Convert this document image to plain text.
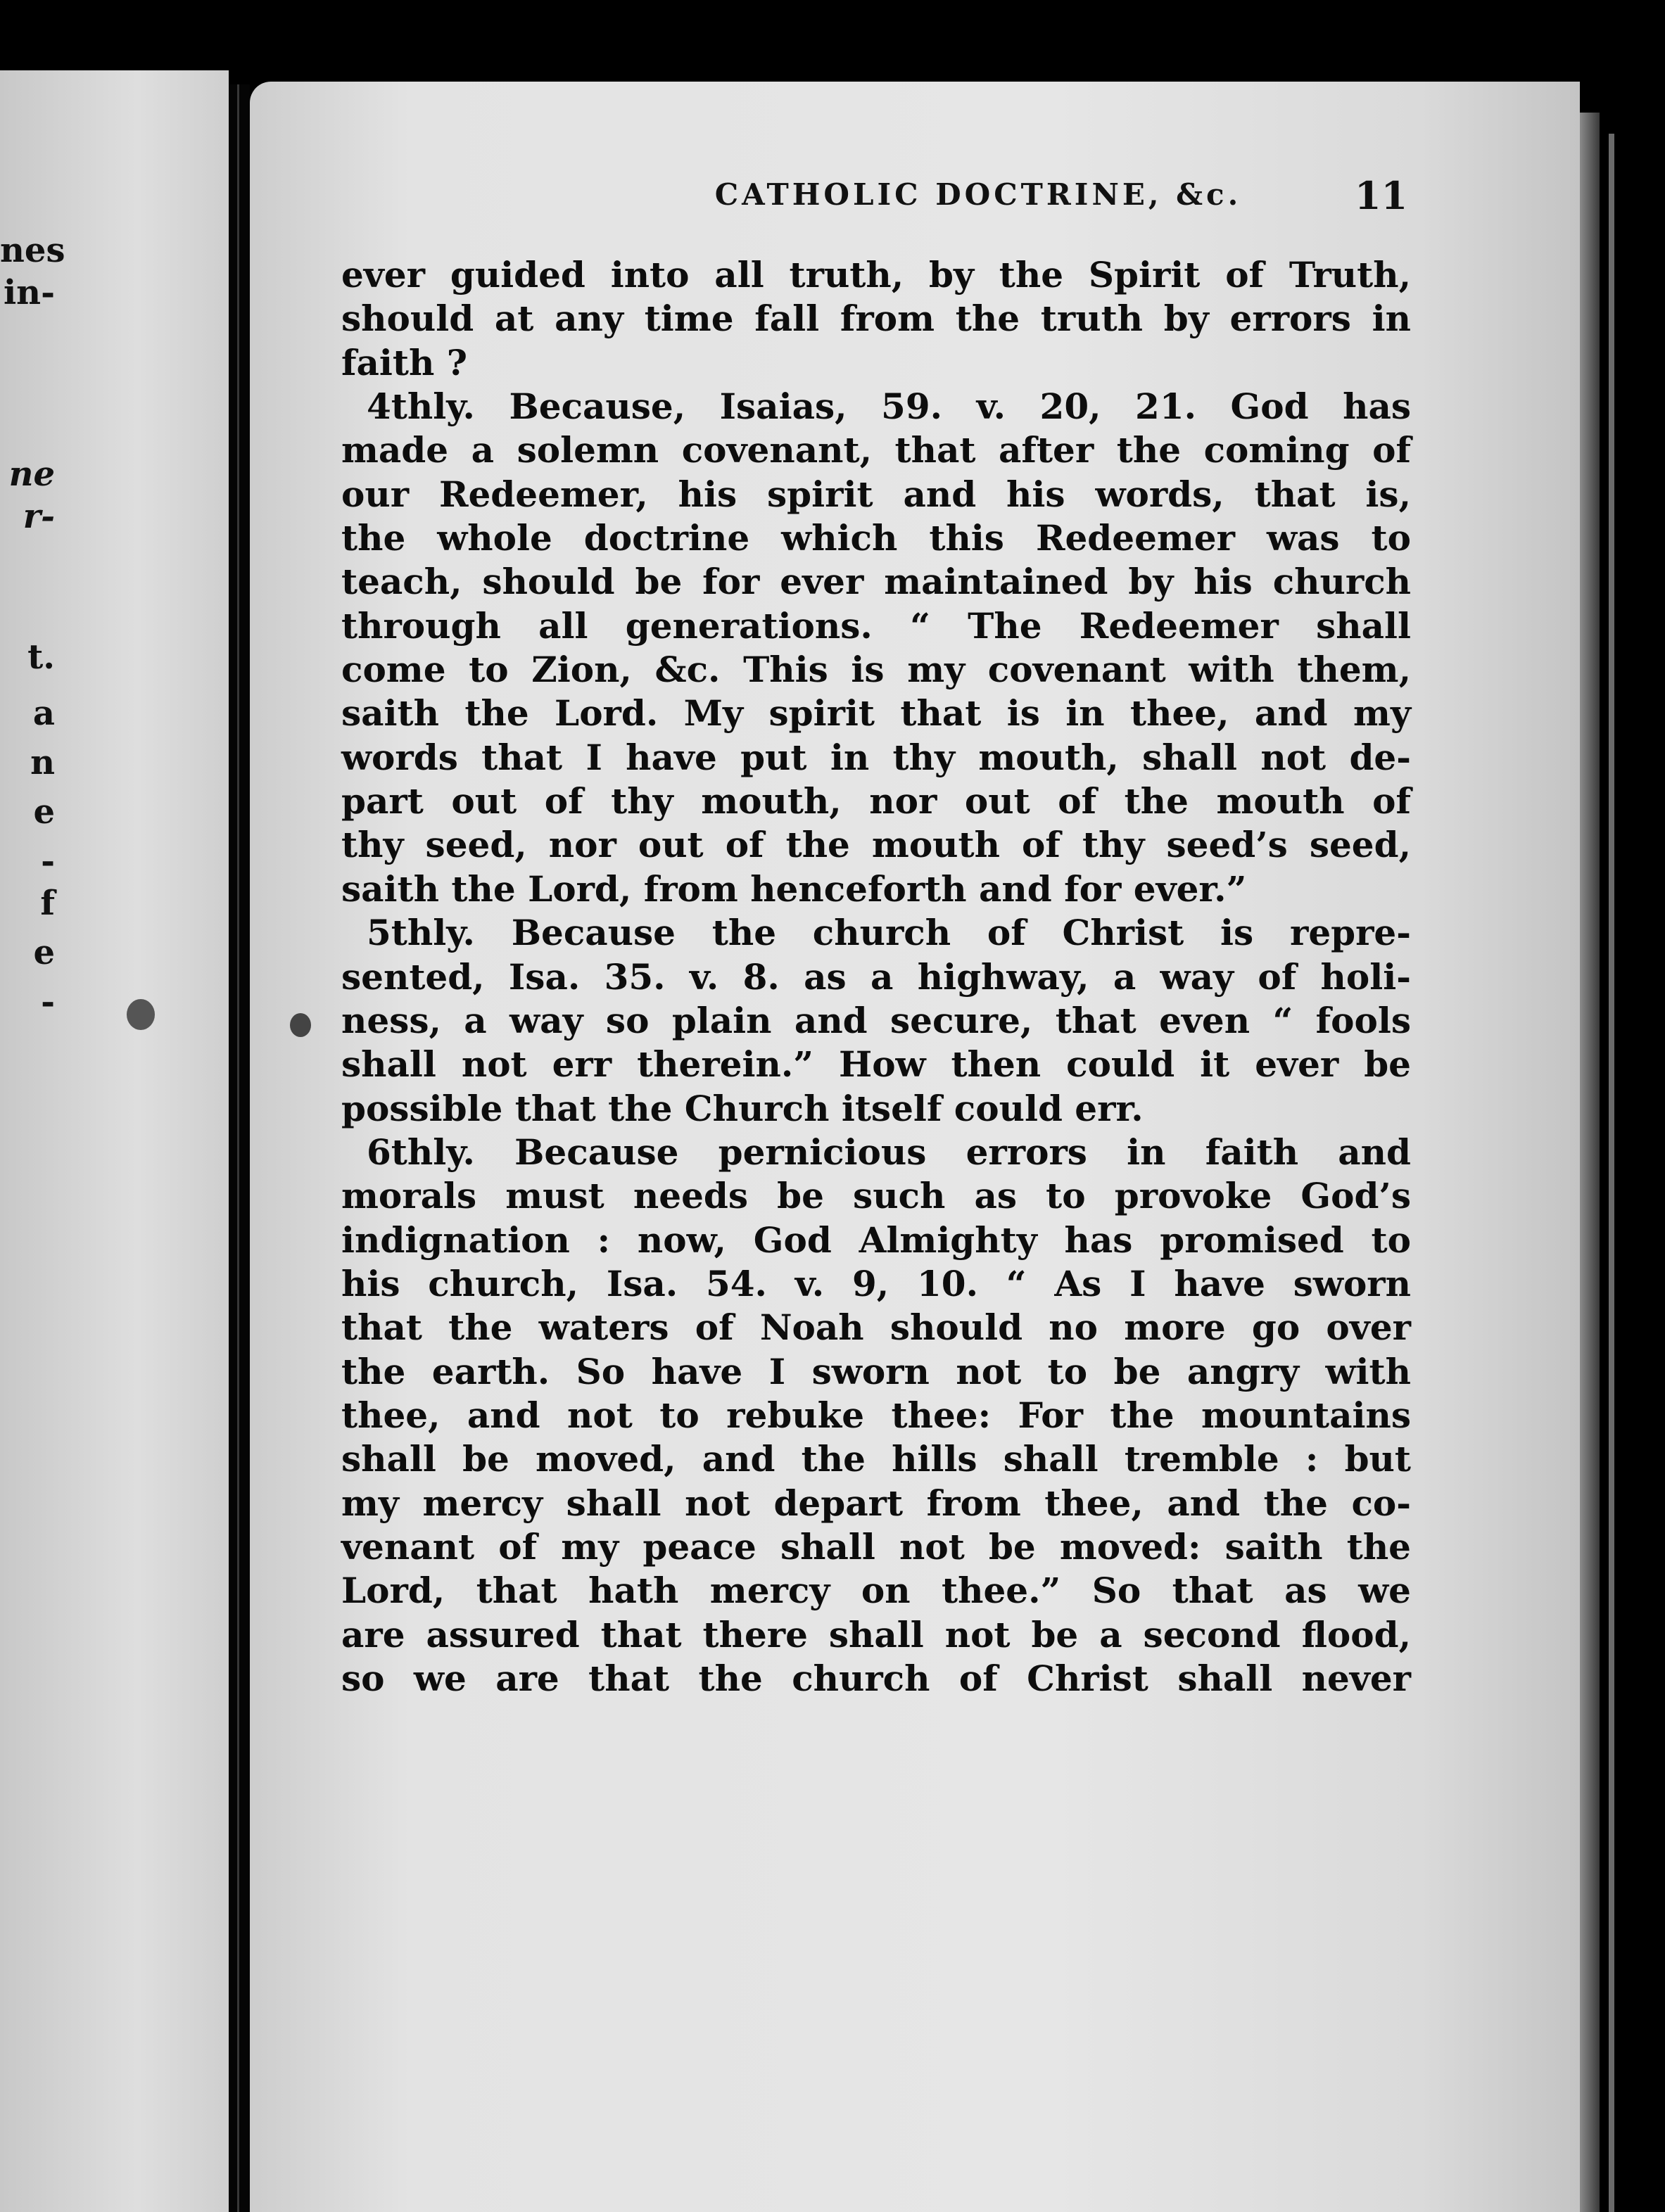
nes
in-
ne
r-
t.
a
n
e
-
f
e
-
CATHOLIC DOCTRINE, &c.	11
ever guided into all truth, by the Spirit of Truth,
should at any time fall from the truth by errors in
faith ?
4thly. Because, Isaias, 59. v. 20, 21. God has
made a solemn covenant, that after the coming of
our Redeemer, his spirit and his words, that is,
the whole doctrine which this Redeemer was to
teach, should be for ever maintained by his church
through all generations. “ The Redeemer shall
come to Zion, &c. This is my covenant with them,
saith the Lord. My spirit that is in thee, and my
words that I have put in thy mouth, shall not de-
part out of thy mouth, nor out of the mouth of
thy seed, nor out of the mouth of thy seed’s seed,
saith the Lord, from henceforth and for ever.”
5thly. Because the church of Christ is repre-
sented, Isa. 35. v. 8. as a highway, a way of holi-
ness, a way so plain and secure, that even “ fools
shall not err therein.” How then could it ever be
possible that the Church itself could err.
6thly. Because pernicious errors in faith and
morals must needs be such as to provoke God’s
indignation : now, God Almighty has promised to
his church, Isa. 54. v. 9, 10. “ As I have sworn
that the waters of Noah should no more go over
the earth. So have I sworn not to be angry with
thee, and not to rebuke thee: For the mountains
shall be moved, and the hills shall tremble : but
my mercy shall not depart from thee, and the co-
venant of my peace shall not be moved: saith the
Lord, that hath mercy on thee.” So that as we
are assured that there shall not be a second flood,
so we are that the church of Christ shall never
